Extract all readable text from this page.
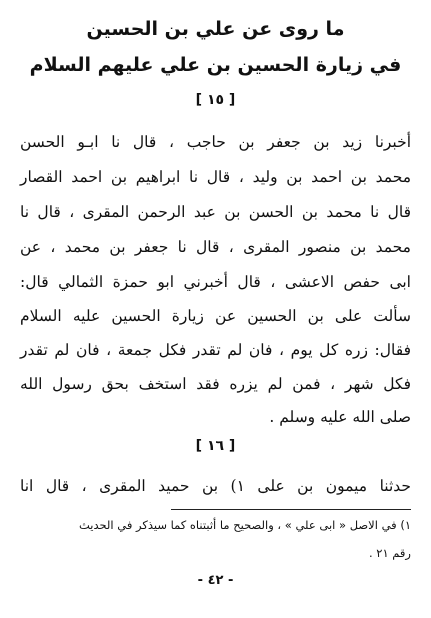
ما روى عن علي بن الحسين
في زيارة الحسين بن علي عليهم السلام
[ ١٥ ]
أخبرنا زيد بن جعفر بن حاجب ، قال نا ابـو الحسن
محمد بن احمد بن وليد ، قال نا ابراهيم بن احمد القصار
قال نا محمد بن الحسن بن عبد الرحمن المقرى ، قال نا
محمد بن منصور المقرى ، قال نا جعفر بن محمد ، عن
ابى حفص الاعشى ، قال أخبرني ابو حمزة الثمالي قال:
سألت على بن الحسين عن زيارة الحسين عليه السلام
فقال: زره كل يوم ، فان لم تقدر فكل جمعة ، فان لم تقدر
فكل شهر ، فمن لم يزره فقد استخف بحق رسول الله
صلى الله عليه وسلم .
[ ١٦ ]
حدثنا ميمون بن على ١) بن حميد المقرى ، قال انا
١) في الاصل « ابى علي » ، والصحيح ما أثبتناه كما سيذكر في الحديث
رقم ٢١ .
- ٤٢ -
